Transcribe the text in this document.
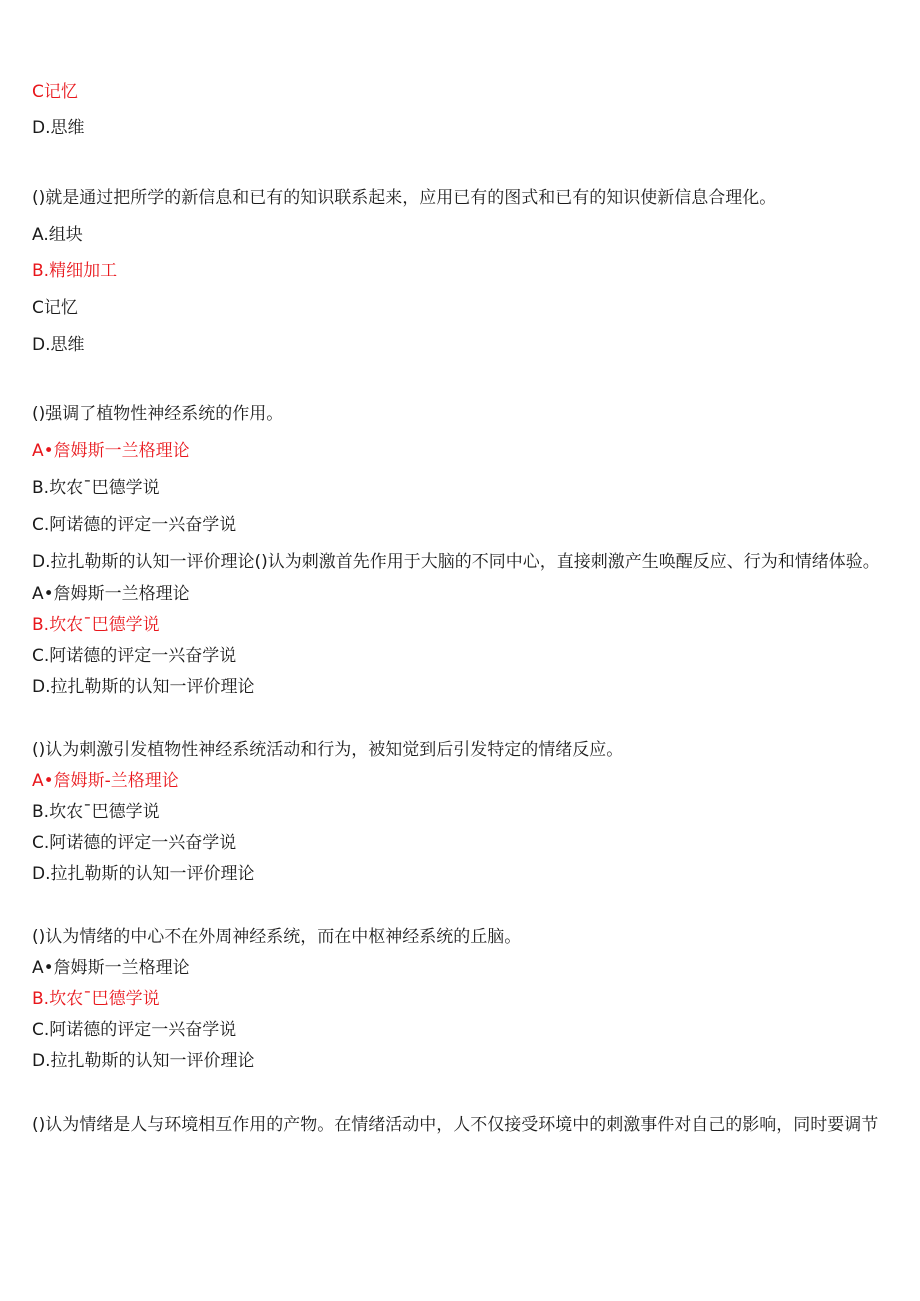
C记忆
D.思维
()就是通过把所学的新信息和已有的知识联系起来，应用已有的图式和已有的知识使新信息合理化。
A.组块
B.精细加工
C记忆
D.思维
()强调了植物性神经系统的作用。
A•詹姆斯一兰格理论
B.坎农¯巴德学说
C.阿诺德的评定一兴奋学说
D.拉扎勒斯的认知一评价理论()认为刺激首先作用于大脑的不同中心，直接刺激产生唤醒反应、行为和情绪体验。
A•詹姆斯一兰格理论
B.坎农¯巴德学说
C.阿诺德的评定一兴奋学说
D.拉扎勒斯的认知一评价理论
()认为刺激引发植物性神经系统活动和行为，被知觉到后引发特定的情绪反应。
A•詹姆斯-兰格理论
B.坎农¯巴德学说
C.阿诺德的评定一兴奋学说
D.拉扎勒斯的认知一评价理论
()认为情绪的中心不在外周神经系统，而在中枢神经系统的丘脑。
A•詹姆斯一兰格理论
B.坎农¯巴德学说
C.阿诺德的评定一兴奋学说
D.拉扎勒斯的认知一评价理论
()认为情绪是人与环境相互作用的产物。在情绪活动中，人不仅接受环境中的刺激事件对自己的影响，同时要调节
